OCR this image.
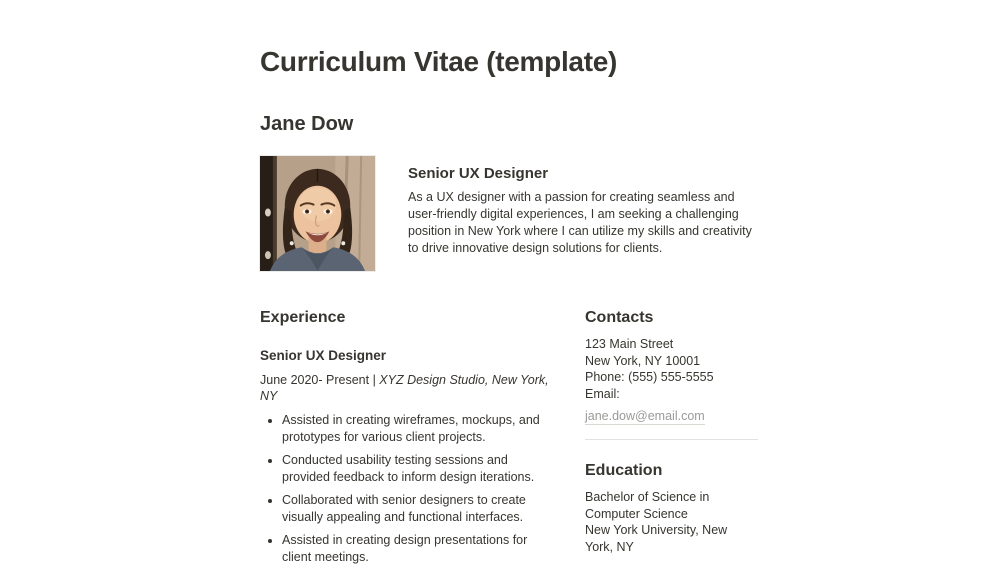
Curriculum Vitae (template)
Jane Dow
Senior UX Designer

As a UX designer with a passion for creating seamless and user-friendly digital experiences, I am seeking a challenging position in New York where I can utilize my skills and creativity to drive innovative design solutions for clients.

Experience
Senior UX Designer

June 2020- Present | XYZ Design Studio, New York, NY

• Assisted in creating wireframes, mockups, and prototypes for various client projects.
• Conducted usability testing sessions and provided feedback to inform design iterations.
• Collaborated with senior designers to create visually appealing and functional interfaces.
• Assisted in creating design presentations for client meetings.
Contacts
123 Main Street
New York, NY 10001
Phone: (555) 555-5555
Email:
jane.dow@email.com
Education
Bachelor of Science in Computer Science
New York University, New York, NY
